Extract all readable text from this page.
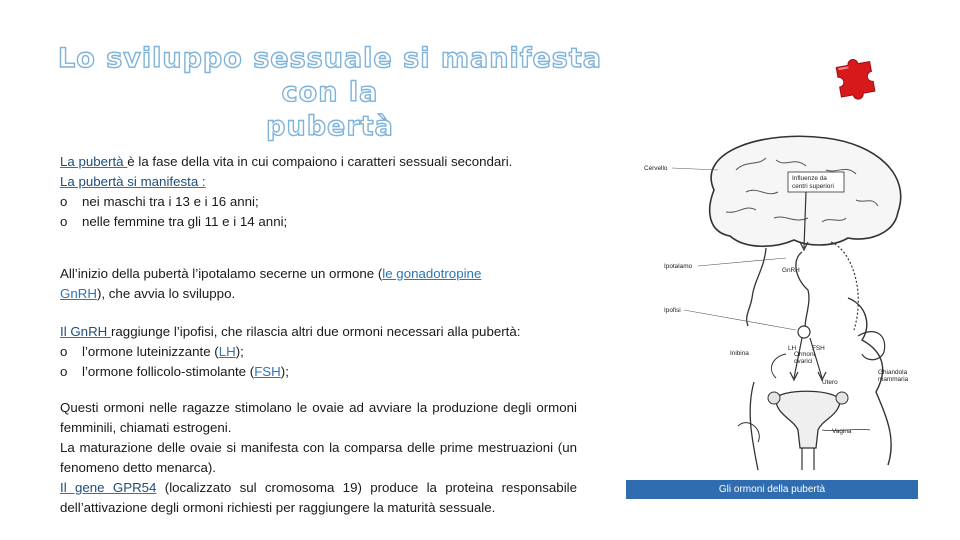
Lo sviluppo sessuale si manifesta con la
pubertà

La pubertà è la fase della vita in cui compaiono i caratteri sessuali secondari.

La pubertà si manifesta :

o	nei maschi tra i 13 e i 16 anni;

o	nelle femmine tra gli 11 e i 14 anni;

All’inizio della pubertà l’ipotalamo secerne un ormone (le gonadotropine
GnRH), che avvia lo sviluppo.

Il GnRH raggiunge l’ipofisi, che rilascia altri due ormoni necessari alla pubertà:

o	l’ormone luteinizzante (LH);

o	l’ormone follicolo-stimolante (FSH);

Questi ormoni nelle ragazze stimolano le ovaie ad avviare la produzione degli ormoni femminili, chiamati estrogeni.

La maturazione delle ovaie si manifesta con la comparsa delle prime mestruazioni (un fenomeno detto menarca).

Il gene GPR54 (localizzato sul cromosoma 19) produce la proteina responsabile dell’attivazione degli ormoni richiesti per raggiungere la maturità sessuale.

Influenze da
centri superiori
Cervello
Ipotalamo
GnRH
Ipofisi
LH FSH
Inibina	Ormoni
ovarici
Utero
Ghiandola
mammaria
Vagina
Gli ormoni della pubertà
